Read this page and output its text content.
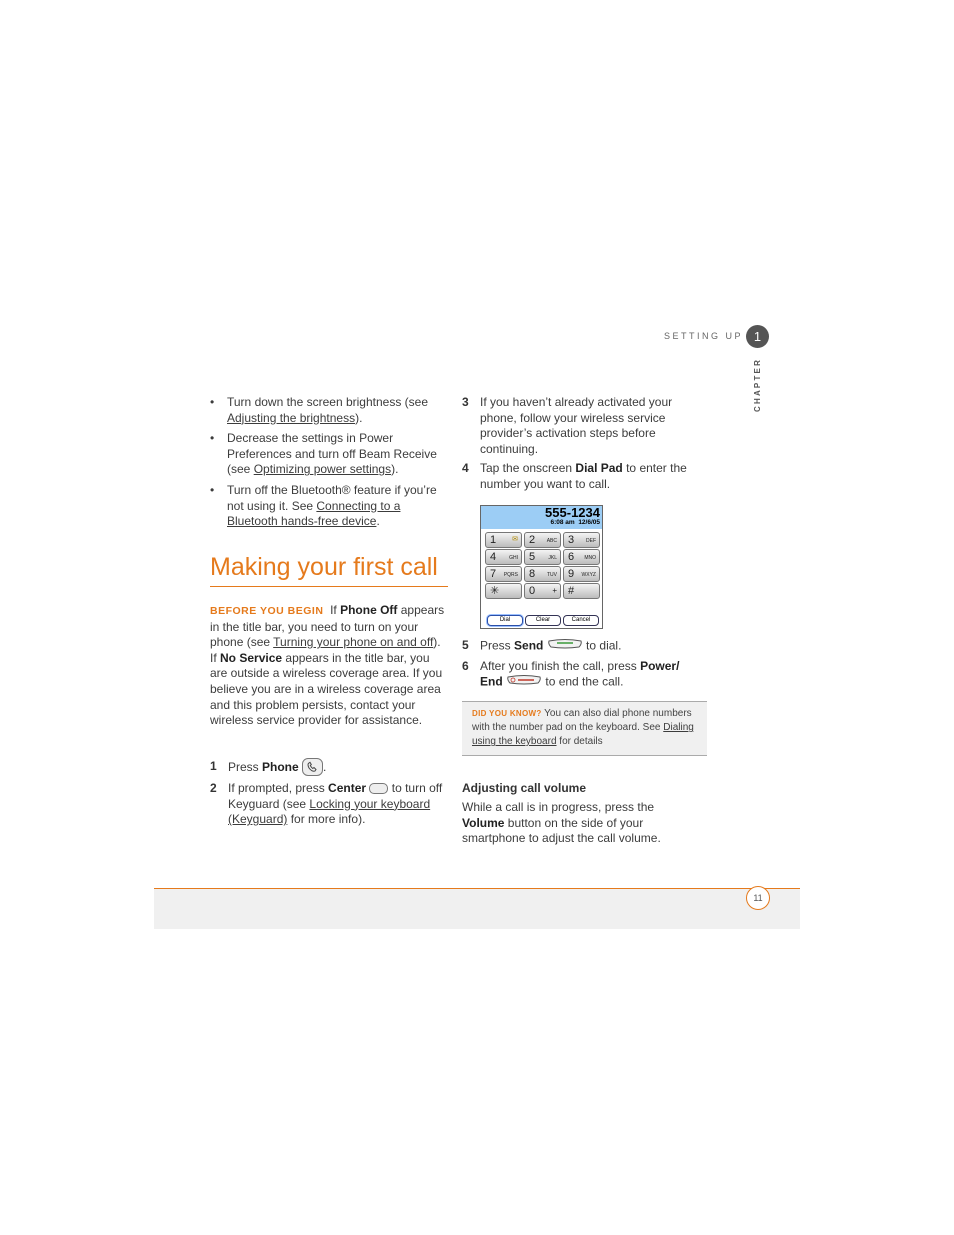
SETTING UP 1
CHAPTER
• Turn down the screen brightness (see Adjusting the brightness).
• Decrease the settings in Power Preferences and turn off Beam Receive (see Optimizing power settings).
• Turn off the Bluetooth® feature if you’re not using it. See Connecting to a Bluetooth hands-free device.
Making your first call
BEFORE YOU BEGIN If Phone Off appears in the title bar, you need to turn on your phone (see Turning your phone on and off). If No Service appears in the title bar, you are outside a wireless coverage area. If you believe you are in a wireless coverage area and this problem persists, contact your wireless service provider for assistance.
1 Press Phone .
2 If prompted, press Center  to turn off Keyguard (see Locking your keyboard (Keyguard) for more info).
3 If you haven’t already activated your phone, follow your wireless service provider’s activation steps before continuing.
4 Tap the onscreen Dial Pad to enter the number you want to call.
555-1234
6:08 am 12/6/05
1 ✉ 2 ABC 3 DEF
4	GHI 5	JKL 6 MNO
7 PQRS 8 TUV 9 WXYZ
✳	0 + #
Dial	Clear	Cancel
5 Press Send	to dial.
6 After you finish the call, press Power/ End	to end the call.
DID YOU KNOW? You can also dial phone numbers with the number pad on the keyboard. See Dialing using the keyboard for details
Adjusting call volume
While a call is in progress, press the Volume button on the side of your smartphone to adjust the call volume.
11
